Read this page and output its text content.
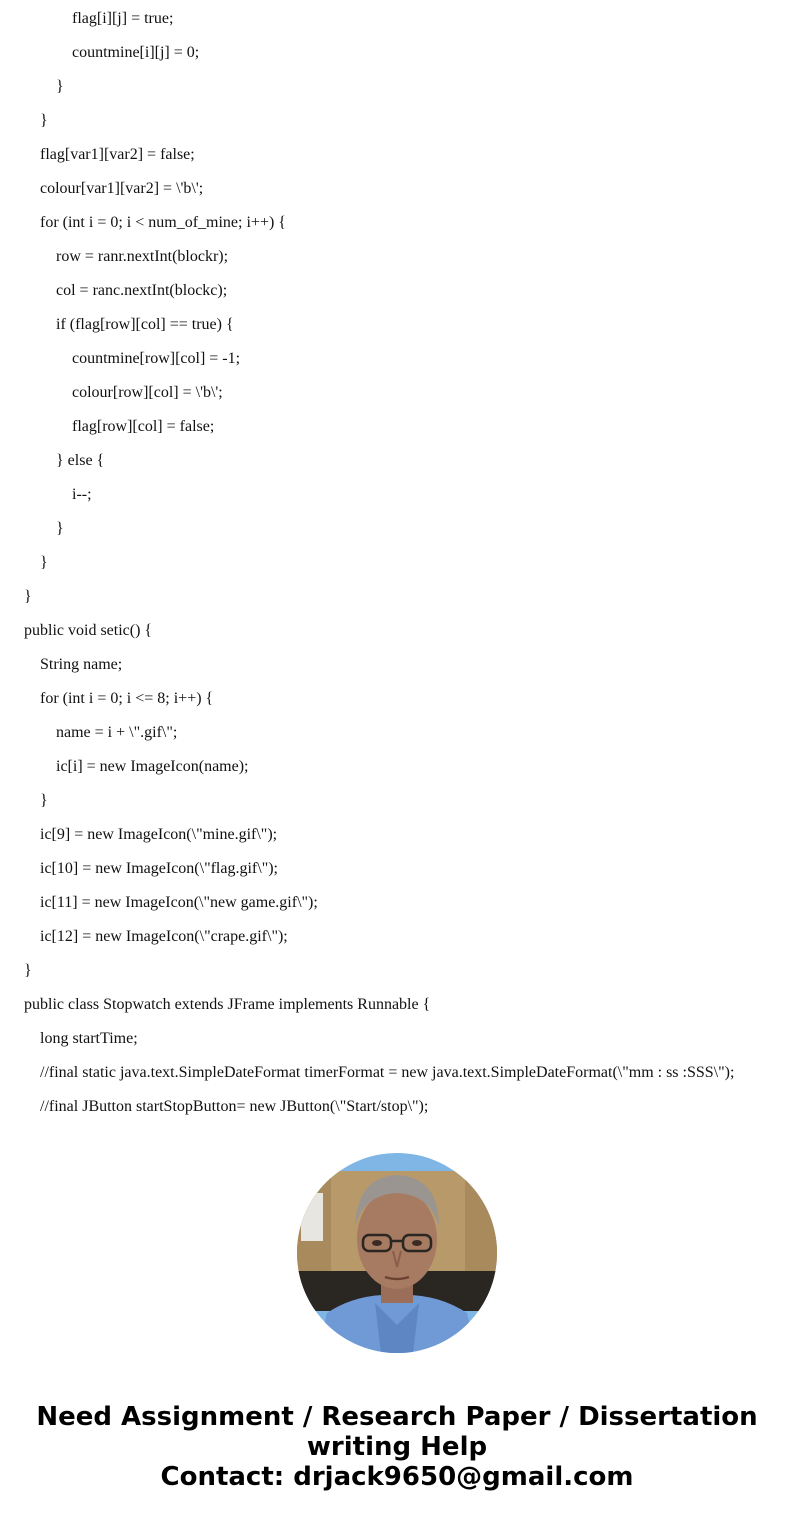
flag[i][j] = true;
countmine[i][j] = 0;
}
}
flag[var1][var2] = false;
colour[var1][var2] = \'b\';
for (int i = 0; i < num_of_mine; i++) {
row = ranr.nextInt(blockr);
col = ranc.nextInt(blockc);
if (flag[row][col] == true) {
countmine[row][col] = -1;
colour[row][col] = \'b\';
flag[row][col] = false;
} else {
i--;
}
}
}
public void setic() {
String name;
for (int i = 0; i <= 8; i++) {
name = i + \".gif\";
ic[i] = new ImageIcon(name);
}
ic[9] = new ImageIcon(\"mine.gif\");
ic[10] = new ImageIcon(\"flag.gif\");
ic[11] = new ImageIcon(\"new game.gif\");
ic[12] = new ImageIcon(\"crape.gif\");
}
public class Stopwatch extends JFrame implements Runnable {
long startTime;
//final static java.text.SimpleDateFormat timerFormat = new java.text.SimpleDateFormat(\"mm : ss :SSS\");
//final JButton startStopButton= new JButton(\"Start/stop\");
Need Assignment / Research Paper / Dissertation
writing Help
Contact: drjack9650@gmail.com
